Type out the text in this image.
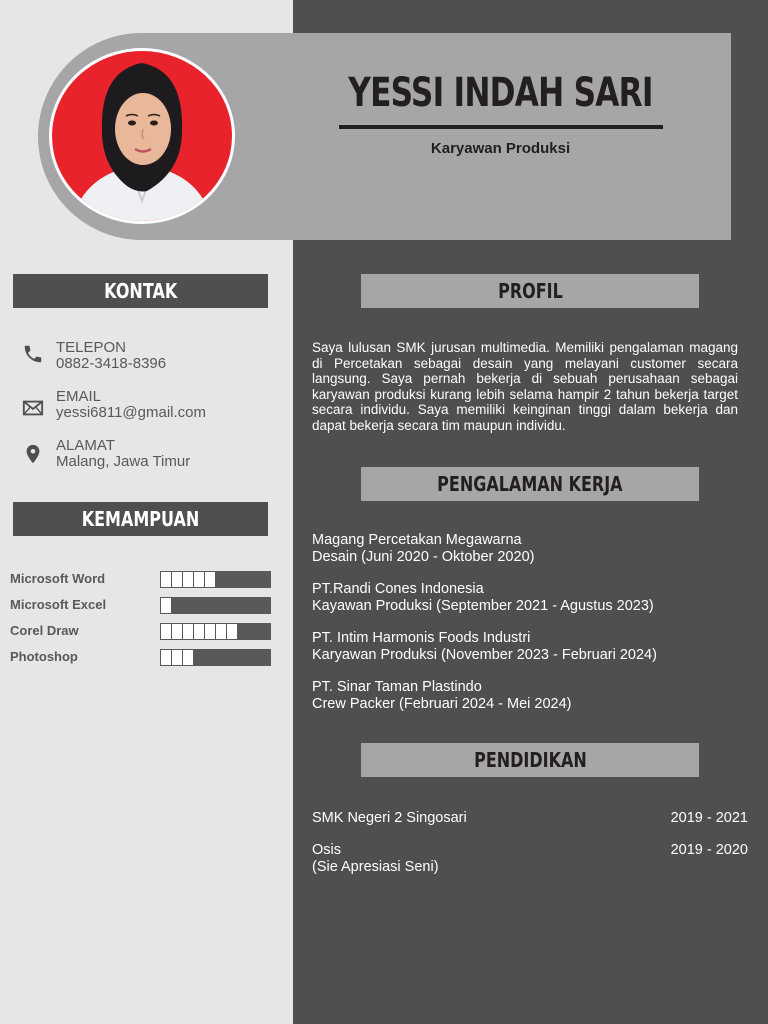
YESSI INDAH SARI
Karyawan Produksi
KONTAK
TELEPON
0882-3418-8396
EMAIL
yessi6811@gmail.com
ALAMAT
Malang, Jawa Timur
KEMAMPUAN
Microsoft Word
Microsoft Excel
Corel Draw
Photoshop
PROFIL
Saya lulusan SMK jurusan multimedia. Memiliki pengalaman magang di Percetakan sebagai desain yang melayani customer secara langsung. Saya pernah bekerja di sebuah perusahaan sebagai karyawan produksi kurang lebih selama hampir 2 tahun bekerja target secara individu. Saya memiliki keinginan tinggi dalam bekerja dan dapat bekerja secara tim maupun individu.
PENGALAMAN KERJA
Magang Percetakan Megawarna
Desain (Juni 2020 - Oktober 2020)
PT.Randi Cones Indonesia
Kayawan Produksi (September 2021 - Agustus 2023)
PT. Intim Harmonis Foods Industri
Karyawan Produksi (November 2023 - Februari 2024)
PT. Sinar Taman Plastindo
Crew Packer (Februari 2024 - Mei 2024)
PENDIDIKAN
SMK Negeri 2 Singosari	2019 - 2021
Osis
(Sie Apresiasi Seni)
2019 - 2020
